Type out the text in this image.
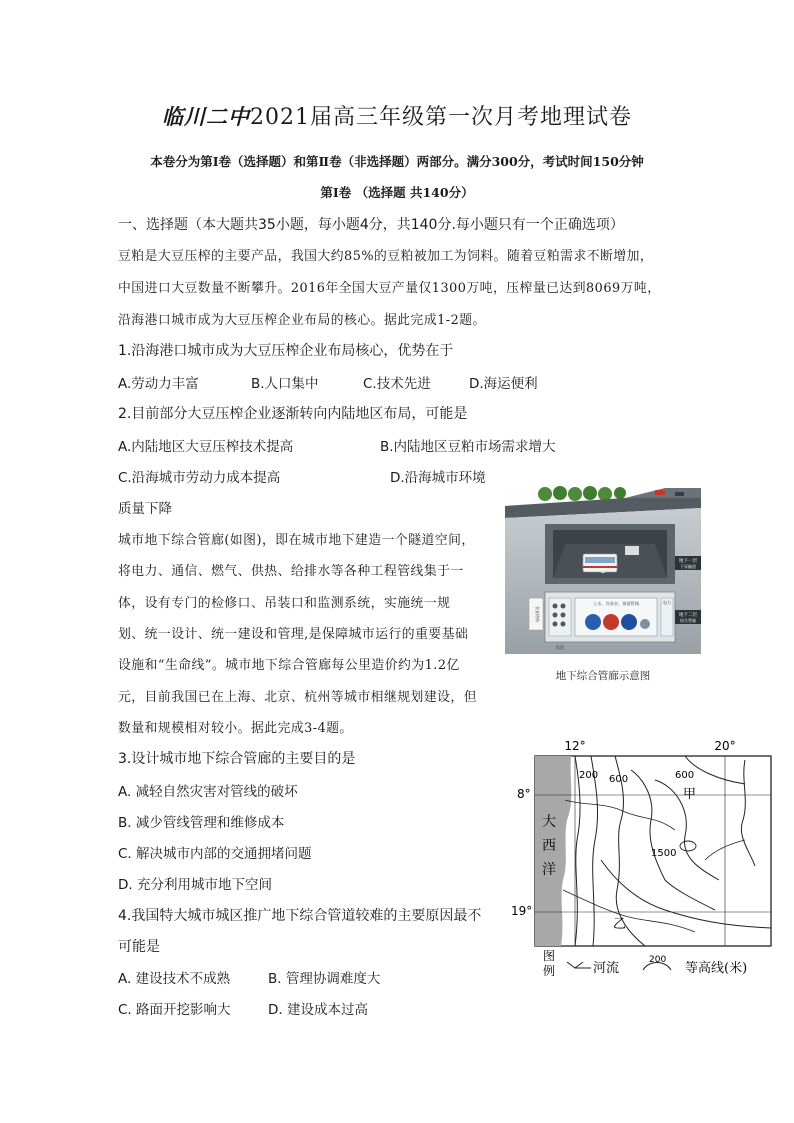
临川二中2021届高三年级第一次月考地理试卷
本卷分为第Ⅰ卷（选择题）和第Ⅱ卷（非选择题）两部分。满分300分，考试时间150分钟
第Ⅰ卷 （选择题 共140分）
一、选择题（本大题共35小题，每小题4分，共140分.每小题只有一个正确选项）
豆粕是大豆压榨的主要产品，我国大约85%的豆粕被加工为饲料。随着豆粕需求不断增加，
中国进口大豆数量不断攀升。2016年全国大豆产量仅1300万吨，压榨量已达到8069万吨，
沿海港口城市成为大豆压榨企业布局的核心。据此完成1-2题。
1.沿海港口城市成为大豆压榨企业布局核心，优势在于
A.劳动力丰富	B.人口集中	C.技术先进	D.海运便利
2.目前部分大豆压榨企业逐渐转向内陆地区布局，可能是
A.内陆地区大豆压榨技术提高	B.内陆地区豆粕市场需求增大
C.沿海城市劳动力成本提高	D.沿海城市环境
质量下降
城市地下综合管廊(如图)，即在城市地下建造一个隧道空间，
将电力、通信、燃气、供热、给排水等各种工程管线集于一
体，设有专门的检修口、吊装口和监测系统，实施统一规
划、统一设计、统一建设和管理,是保障城市运行的重要基础
设施和“生命线”。城市地下综合管廊每公里造价约为1.2亿
元，目前我国已在上海、北京、杭州等城市相继规划建设，但
数量和规模相对较小。据此完成3-4题。
3.设计城市地下综合管廊的主要目的是
A. 减轻自然灾害对管线的破坏
B. 减少管线管理和维修成本
C. 解决城市内部的交通拥堵问题
D. 充分利用城市地下空间
4.我国特大城市城区推广地下综合管道较难的主要原因最不
可能是
A. 建设技术不成熟	B. 管理协调难度大
C. 路面开挖影响大	D. 建设成本过高
地下一层
下穿隧道
上水、冷冻水、预留管线
电信
电力
地下二层
综合管廊
各安结构
地下综合管廊示意图
12°	20°
8°
19°
大
西
洋
200 600	600
1500
甲
乙
图
例	河流
200
等高线(米)
